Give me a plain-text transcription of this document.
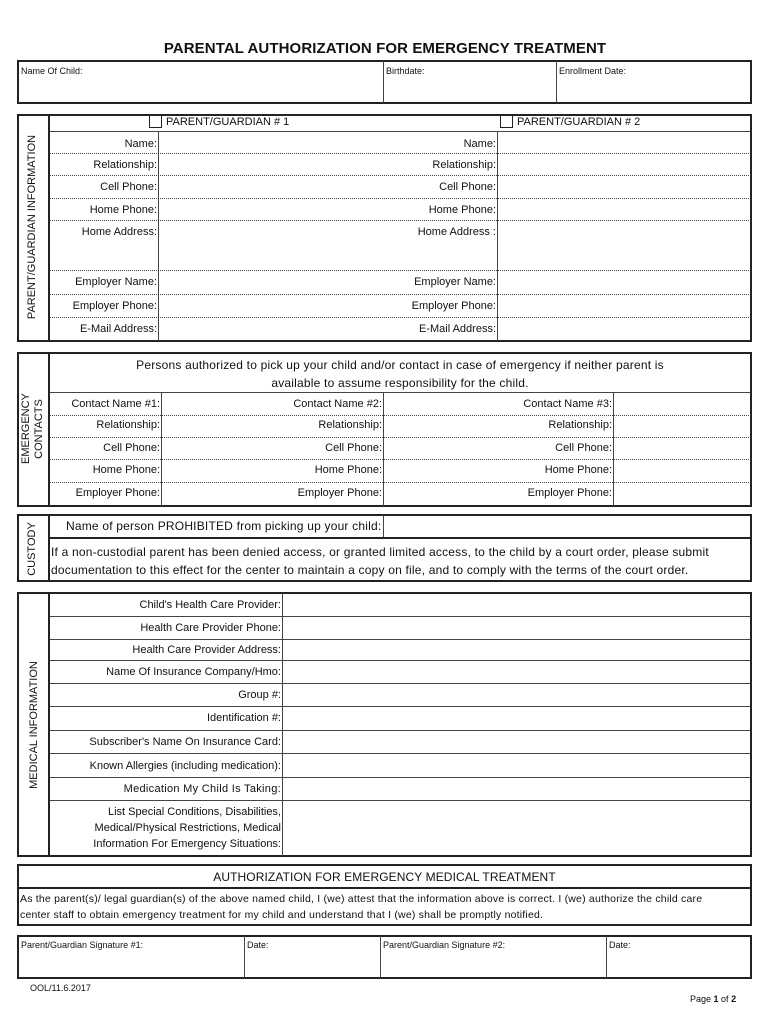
PARENTAL AUTHORIZATION FOR EMERGENCY TREATMENT
Name Of Child:	Birthdate:	Enrollment Date:
PARENT/GUARDIAN INFORMATION
PARENT/GUARDIAN # 1	PARENT/GUARDIAN # 2
Name:
Relationship:
Cell Phone:
Home Phone:
Home Address:
Employer Name:
Employer Phone:
E-Mail Address:
Name:
Relationship:
Cell Phone:
Home Phone:
Home Address :
Employer Name:
Employer Phone:
E-Mail Address:
EMERGENCY CONTACTS
Persons authorized to pick up your child and/or contact in case of emergency if neither parent is
available to assume responsibility for the child.
Contact Name #1:
Relationship:
Cell Phone:
Home Phone:
Employer Phone:
Contact Name #2:
Relationship:
Cell Phone:
Home Phone:
Employer Phone:
Contact Name #3:
Relationship:
Cell Phone:
Home Phone:
Employer Phone:
CUSTODY Name of person PROHIBITED from picking up your child:
If a non-custodial parent has been denied access, or granted limited access, to the child by a court order, please submit
documentation to this effect for the center to maintain a copy on file, and to comply with the terms of the court order.
MEDICAL INFORMATION
Child's Health Care Provider:
Health Care Provider Phone:
Health Care Provider Address:
Name Of Insurance Company/Hmo:
Group #:
Identification #:
Subscriber's Name On Insurance Card:
Known Allergies (including medication):
Medication My Child Is Taking:
List Special Conditions, Disabilities,
Medical/Physical Restrictions, Medical
Information For Emergency Situations:
AUTHORIZATION FOR EMERGENCY MEDICAL TREATMENT
As the parent(s)/ legal guardian(s) of the above named child, I (we) attest that the information above is correct. I (we) authorize the child care
center staff to obtain emergency treatment for my child and understand that I (we) shall be promptly notified.
Parent/Guardian Signature #1:	Date:	Parent/Guardian Signature #2:	Date:
OOL/11.6.2017
Page 1 of 2
